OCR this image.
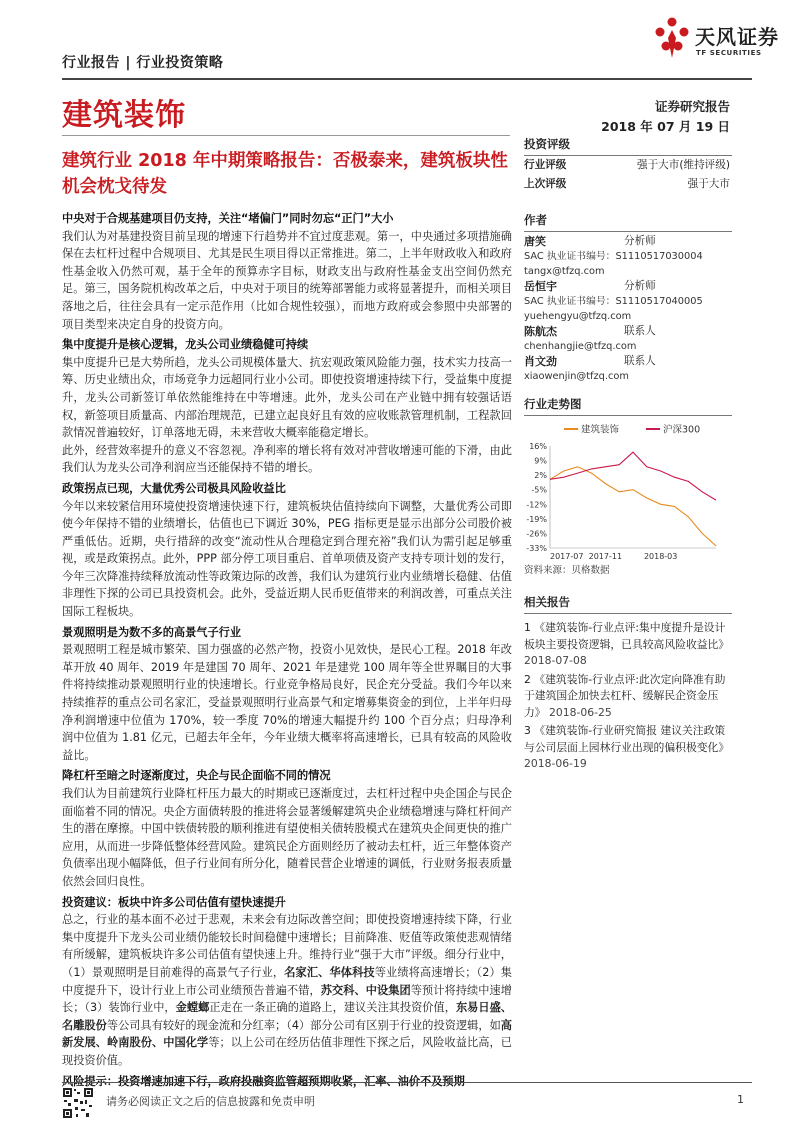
行业报告 | 行业投资策略
天风证券
TF SECURITIES
建筑装饰	证券研究报告
2018 年 07 月 19 日
建筑行业 2018 年中期策略报告：否极泰来，建筑板块性机会枕戈待发
中央对于合规基建项目仍支持，关注“堵偏门”同时勿忘“正门”大小
我们认为对基建投资目前呈现的增速下行趋势并不宜过度悲观。第一，中央通过多项措施确保在去杠杆过程中合规项目、尤其是民生项目得以正常推进。第二，上半年财政收入和政府性基金收入仍然可观，基于全年的预算赤字目标，财政支出与政府性基金支出空间仍然充足。第三，国务院机构改革之后，中央对于项目的统筹部署能力或将显著提升，而相关项目落地之后，往往会具有一定示范作用（比如合规性较强），而地方政府或会参照中央部署的项目类型来决定自身的投资方向。
集中度提升是核心逻辑，龙头公司业绩稳健可持续
集中度提升已是大势所趋，龙头公司规模体量大、抗宏观政策风险能力强，技术实力技高一筹、历史业绩出众，市场竞争力远超同行业小公司。即使投资增速持续下行，受益集中度提升，龙头公司新签订单依然能维持在中等增速。此外，龙头公司在产业链中拥有较强话语权，新签项目质量高、内部治理规范，已建立起良好且有效的应收账款管理机制，工程款回款情况普遍较好，订单落地无碍，未来营收大概率能稳定增长。
此外，经营效率提升的意义不容忽视。净利率的增长将有效对冲营收增速可能的下滑，由此我们认为龙头公司净利润应当还能保持不错的增长。
政策拐点已现，大量优秀公司极具风险收益比
今年以来较紧信用环境使投资增速快速下行，建筑板块估值持续向下调整，大量优秀公司即使今年保持不错的业绩增长，估值也已下调近 30%，PEG 指标更是显示出部分公司股价被严重低估。近期，央行措辞的改变“流动性从合理稳定到合理充裕”我们认为需引起足够重视，或是政策拐点。此外，PPP 部分停工项目重启、首单项债及资产支持专项计划的发行，今年三次降准持续释放流动性等政策边际的改善，我们认为建筑行业内业绩增长稳健、估值非理性下探的公司已具投资机会。此外，受益近期人民币贬值带来的利润改善，可重点关注国际工程板块。
景观照明是为数不多的高景气子行业
景观照明工程是城市繁荣、国力强盛的必然产物，投资小见效快，是民心工程。2018 年改革开放 40 周年、2019 年是建国 70 周年、2021 年是建党 100 周年等全世界瞩目的大事件将持续推动景观照明行业的快速增长。行业竞争格局良好，民企充分受益。我们今年以来持续推荐的重点公司名家汇，受益景观照明行业高景气和定增募集资金的到位，上半年归母净利润增速中位值为 170%，较一季度 70%的增速大幅提升约 100 个百分点；归母净利润中位值为 1.81 亿元，已超去年全年，今年业绩大概率将高速增长，已具有较高的风险收益比。
降杠杆至暗之时逐渐度过，央企与民企面临不同的情况
我们认为目前建筑行业降杠杆压力最大的时期或已逐渐度过，去杠杆过程中央企国企与民企面临着不同的情况。央企方面债转股的推进将会显著缓解建筑央企业绩稳增速与降杠杆间产生的潜在摩擦。中国中铁债转股的顺利推进有望使相关债转股模式在建筑央企间更快的推广应用，从而进一步降低整体经营风险。建筑民企方面则经历了被动去杠杆，近三年整体资产负债率出现小幅降低，但子行业间有所分化，随着民营企业增速的调低，行业财务报表质量依然会回归良性。
投资建议：板块中许多公司估值有望快速提升
总之，行业的基本面不必过于悲观，未来会有边际改善空间；即使投资增速持续下降，行业集中度提升下龙头公司业绩仍能较长时间稳健中速增长；目前降准、贬值等政策使悲观情绪有所缓解，建筑板块许多公司估值有望快速上升。维持行业“强于大市”评级。细分行业中，（1）景观照明是目前难得的高景气子行业，名家汇、华体科技等业绩将高速增长；（2）集中度提升下，设计行业上市公司业绩预告普遍不错，苏交科、中设集团等预计将持续中速增长；（3）装饰行业中，金螳螂正走在一条正确的道路上，建议关注其投资价值，东易日盛、名雕股份等公司具有较好的现金流和分红率；（4）部分公司有区别于行业的投资逻辑，如高新发展、岭南股份、中国化学等；以上公司在经历估值非理性下探之后，风险收益比高，已现投资价值。
风险提示：投资增速加速下行，政府投融资监管超预期收紧，汇率、油价不及预期
投资评级
行业评级	强于大市(维持评级)
上次评级	强于大市
作者
唐笑	分析师
SAC 执业证书编号：S1110517030004
tangx@tfzq.com
岳恒宇	分析师
SAC 执业证书编号：S1110517040005
yuehengyu@tfzq.com
陈航杰	联系人
chenhangjie@tfzq.com
肖文劲	联系人
xiaowenjin@tfzq.com
行业走势图
建筑装饰	沪深300
16%
9%
2%
-5%
-12%
-19%
-26%
-33%
2017-07 2017-11	2018-03
资料来源：贝格数据
相关报告
1 《建筑装饰-行业点评:集中度提升是设计板块主要投资逻辑，已具较高风险收益比》 2018-07-08
2 《建筑装饰-行业点评:此次定向降准有助于建筑国企加快去杠杆、缓解民企资金压力》 2018-06-25
3 《建筑装饰-行业研究简报 建议关注政策与公司层面上园林行业出现的偏积极变化》 2018-06-19
请务必阅读正文之后的信息披露和免责申明	1
